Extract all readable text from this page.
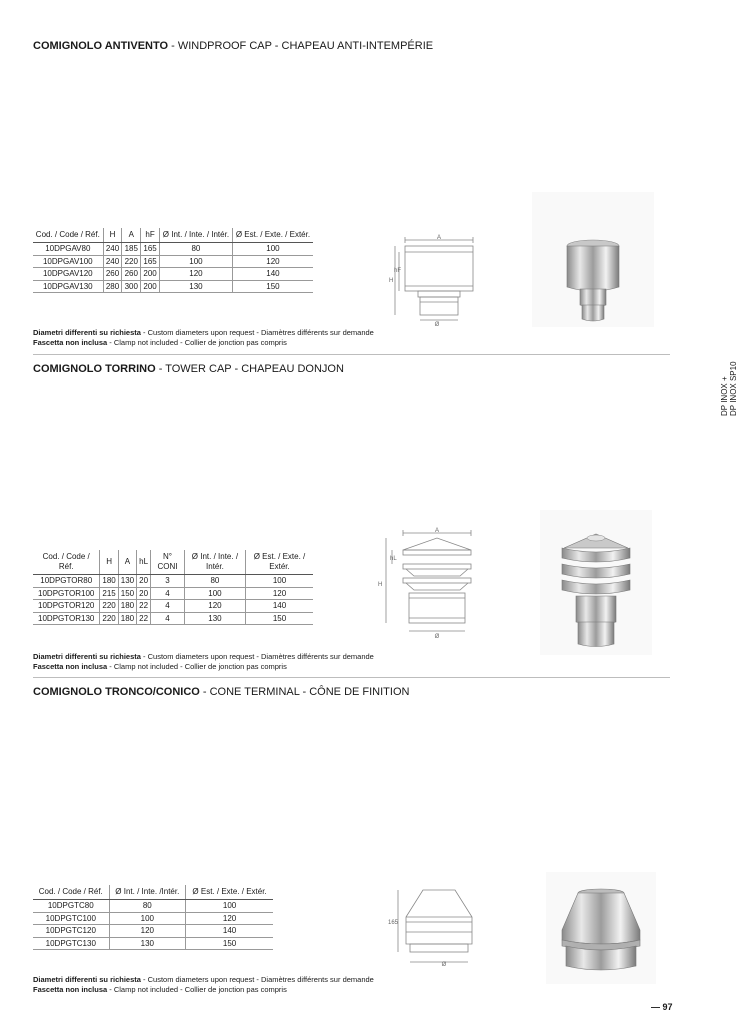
COMIGNOLO ANTIVENTO - WINDPROOF CAP - CHAPEAU ANTI-INTEMPÉRIE
Cod. / Code / Réf.	H	A	hF	Ø Int. / Inte. / Intér.	Ø Est. / Exte. / Extér.
10DPGAV80	240	185	165	80	100
10DPGAV100	240	220	165	100	120
10DPGAV120	260	260	200	120	140
10DPGAV130	280	300	200	130	150
A
H
hF
Ø
Diametri differenti su richiesta - Custom diameters upon request - Diamètres différents sur demande
Fascetta non inclusa - Clamp not included - Collier de jonction pas compris
COMIGNOLO TORRINO - TOWER CAP - CHAPEAU DONJON
Cod. / Code / Réf.	H	A	hL	N° CONI	Ø Int. / Inte. / Intér.	Ø Est. / Exte. / Extér.
10DPGTOR80	180	130	20	3	80	100
10DPGTOR100	215	150	20	4	100	120
10DPGTOR120	220	180	22	4	120	140
10DPGTOR130	220	180	22	4	130	150
A
H
hL
Ø
Diametri differenti su richiesta - Custom diameters upon request - Diamètres différents sur demande
Fascetta non inclusa - Clamp not included - Collier de jonction pas compris
COMIGNOLO TRONCO/CONICO - CONE TERMINAL - CÔNE DE FINITION
Cod. / Code / Réf.	Ø Int. / Inte. /Intér.	Ø Est. / Exte. / Extér.
10DPGTC80	80	100
10DPGTC100	100	120
10DPGTC120	120	140
10DPGTC130	130	150
165
Ø
Diametri differenti su richiesta - Custom diameters upon request - Diamètres différents sur demande
Fascetta non inclusa - Clamp not included - Collier de jonction pas compris
DP INOX + DP INOX SP10
— 97
